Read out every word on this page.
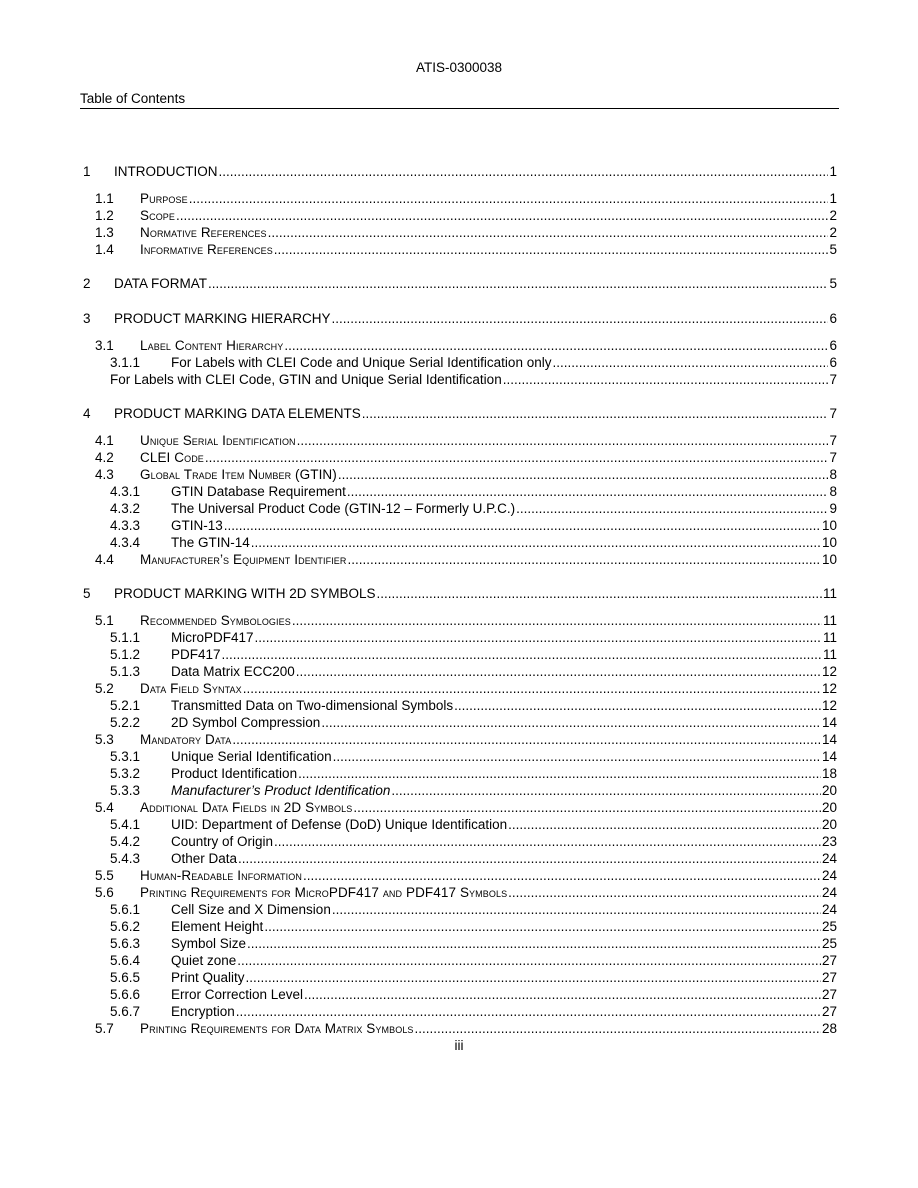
ATIS-0300038
Table of Contents
1	INTRODUCTION .....	1
1.1	Purpose .....	1
1.2	Scope .....	2
1.3	Normative References .....	2
1.4	Informative References .....	5
2	DATA FORMAT .....	5
3	PRODUCT MARKING HIERARCHY .....	6
3.1	Label Content Hierarchy .....	6
3.1.1	For Labels with CLEI Code and Unique Serial Identification only .....	6
For Labels with CLEI Code, GTIN and Unique Serial Identification .....	7
4	PRODUCT MARKING DATA ELEMENTS .....	7
4.1	Unique Serial Identification .....	7
4.2	CLEI Code .....	7
4.3	Global Trade Item Number (GTIN) .....	8
4.3.1	GTIN Database Requirement .....	8
4.3.2	The Universal Product Code (GTIN-12 – Formerly U.P.C.) .....	9
4.3.3	GTIN-13 .....	10
4.3.4	The GTIN-14 .....	10
4.4	Manufacturer’s Equipment Identifier .....	10
5	PRODUCT MARKING WITH 2D SYMBOLS .....	11
5.1	Recommended Symbologies .....	11
5.1.1	MicroPDF417 .....	11
5.1.2	PDF417 .....	11
5.1.3	Data Matrix ECC200 .....	12
5.2	Data Field Syntax .....	12
5.2.1	Transmitted Data on Two-dimensional Symbols .....	12
5.2.2	2D Symbol Compression .....	14
5.3	Mandatory Data .....	14
5.3.1	Unique Serial Identification .....	14
5.3.2	Product Identification .....	18
5.3.3	Manufacturer’s Product Identification .....	20
5.4	Additional Data Fields in 2D Symbols .....	20
5.4.1	UID: Department of Defense (DoD) Unique Identification .....	20
5.4.2	Country of Origin .....	23
5.4.3	Other Data .....	24
5.5	Human-Readable Information .....	24
5.6	Printing Requirements for MicroPDF417 and PDF417 Symbols .....	24
5.6.1	Cell Size and X Dimension .....	24
5.6.2	Element Height .....	25
5.6.3	Symbol Size .....	25
5.6.4	Quiet zone .....	27
5.6.5	Print Quality .....	27
5.6.6	Error Correction Level .....	27
5.6.7	Encryption .....	27
5.7	Printing Requirements for Data Matrix Symbols .....	28
iii
